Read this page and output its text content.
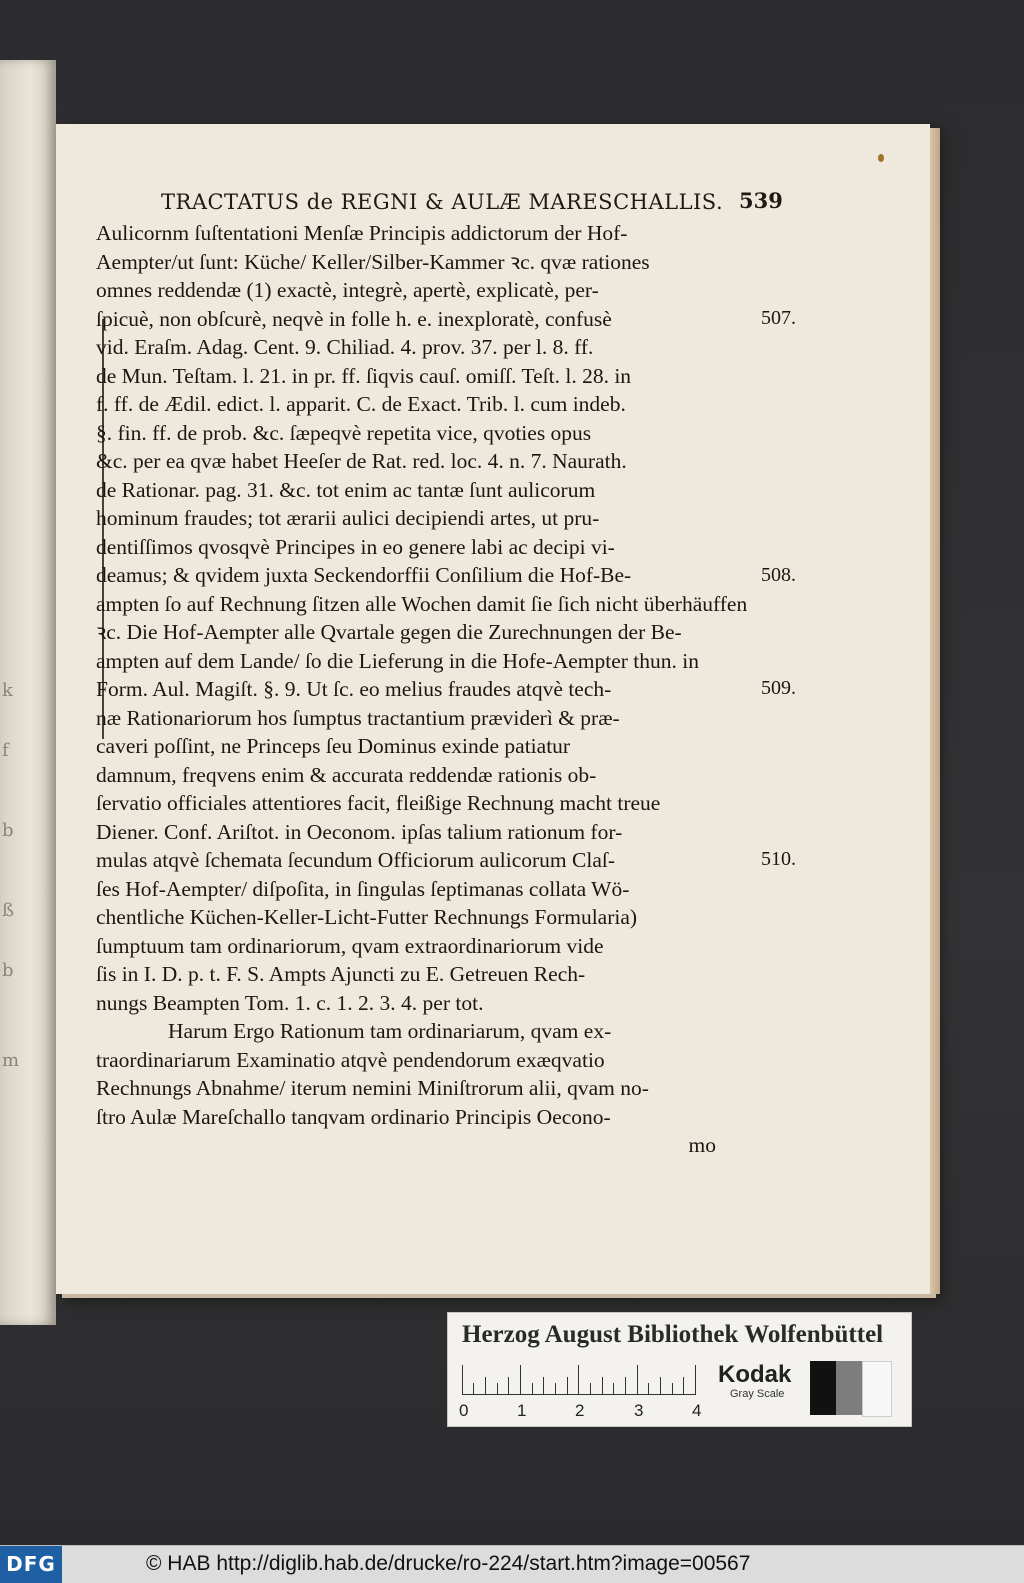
k
f
b
ß
b
m
TRACTATUS de REGNI & AULÆ MARESCHALLIS. 539
Aulicornm ſuſtentationi Menſæ Principis addictorum der Hof-
Aempter/ut ſunt: Küche/ Keller/Silber-Kammer ꝛc. qvæ rationes
omnes reddendæ (1) exactè, integrè, apertè, explicatè, per-
ſpicuè, non obſcurè, neqvè in folle h. e. inexploratè, confusè
vid. Eraſm. Adag. Cent. 9. Chiliad. 4. prov. 37. per l. 8. ff.
de Mun. Teſtam. l. 21. in pr. ff. ſiqvis cauſ. omiſſ. Teſt. l. 28. in
f. ff. de Ædil. edict. l. apparit. C. de Exact. Trib. l. cum indeb.
§. fin. ff. de prob. &c. ſæpeqvè repetita vice, qvoties opus
&c. per ea qvæ habet Heeſer de Rat. red. loc. 4. n. 7. Naurath.
de Rationar. pag. 31. &c. tot enim ac tantæ ſunt aulicorum
hominum fraudes; tot ærarii aulici decipiendi artes, ut pru-
dentiſſimos qvosqvè Principes in eo genere labi ac decipi vi-
deamus; & qvidem juxta Seckendorffii Conſilium die Hof-Be-
ampten ſo auf Rechnung ſitzen alle Wochen damit ſie ſich nicht überhäuffen
ꝛc. Die Hof-Aempter alle Qvartale gegen die Zurechnungen der Be-
ampten auf dem Lande/ ſo die Lieferung in die Hofe-Aempter thun. in
Form. Aul. Magiſt. §. 9. Ut ſc. eo melius fraudes atqvè tech-
næ Rationariorum hos ſumptus tractantium præviderì & præ-
caveri poſſint, ne Princeps ſeu Dominus exinde patiatur
damnum, freqvens enim & accurata reddendæ rationis ob-
ſervatio officiales attentiores facit, fleißige Rechnung macht treue
Diener. Conf. Ariſtot. in Oeconom. ipſas talium rationum for-
mulas atqvè ſchemata ſecundum Officiorum aulicorum Claſ-
ſes Hof-Aempter/ diſpoſita, in ſingulas ſeptimanas collata Wö-
chentliche Küchen-Keller-Licht-Futter Rechnungs Formularia)
ſumptuum tam ordinariorum, qvam extraordinariorum vide
ſis in I. D. p. t. F. S. Ampts Ajuncti zu E. Getreuen Rech-
nungs Beampten Tom. 1. c. 1. 2. 3. 4. per tot.
Harum Ergo Rationum tam ordinariarum, qvam ex-
traordinariarum Examinatio atqvè pendendorum exæqvatio
Rechnungs Abnahme/ iterum nemini Miniſtrorum alii, qvam no-
ſtro Aulæ Mareſchallo tanqvam ordinario Principis Oecono-
mo
507.
508.
509.
510.
Herzog August Bibliothek Wolfenbüttel
0	1	2	3	4
Kodak
Gray Scale
DFG	© HAB http://diglib.hab.de/drucke/ro-224/start.htm?image=00567
